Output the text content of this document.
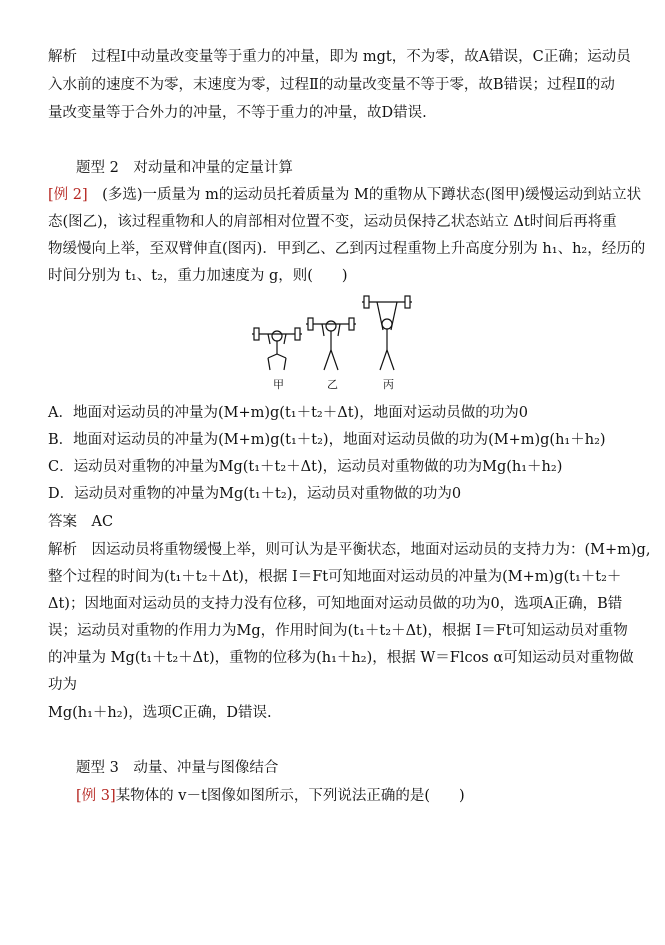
解析　过程Ⅰ中动量改变量等于重力的冲量，即为 mgt，不为零，故A错误，C正确；运动员
入水前的速度不为零，末速度为零，过程Ⅱ的动量改变量不等于零，故B错误；过程Ⅱ的动
量改变量等于合外力的冲量，不等于重力的冲量，故D错误.
题型 2　对动量和冲量的定量计算
[例 2]　(多选)一质量为 m的运动员托着质量为 M的重物从下蹲状态(图甲)缓慢运动到站立状
态(图乙)，该过程重物和人的肩部相对位置不变，运动员保持乙状态站立 Δt时间后再将重
物缓慢向上举，至双臂伸直(图丙)．甲到乙、乙到丙过程重物上升高度分别为 h₁、h₂，经历的
时间分别为 t₁、t₂，重力加速度为 g，则(　　)
甲	乙	丙
A．地面对运动员的冲量为(M+m)g(t₁＋t₂＋Δt)，地面对运动员做的功为0
B．地面对运动员的冲量为(M+m)g(t₁＋t₂)，地面对运动员做的功为(M+m)g(h₁＋h₂)
C．运动员对重物的冲量为Mg(t₁＋t₂＋Δt)，运动员对重物做的功为Mg(h₁＋h₂)
D．运动员对重物的冲量为Mg(t₁＋t₂)，运动员对重物做的功为0
答案　AC
解析　因运动员将重物缓慢上举，则可认为是平衡状态，地面对运动员的支持力为：(M+m)g,
整个过程的时间为(t₁＋t₂＋Δt)，根据 I＝Ft可知地面对运动员的冲量为(M+m)g(t₁＋t₂＋
Δt)；因地面对运动员的支持力没有位移，可知地面对运动员做的功为0，选项A正确，B错
误；运动员对重物的作用力为Mg，作用时间为(t₁＋t₂＋Δt)，根据 I＝Ft可知运动员对重物
的冲量为 Mg(t₁＋t₂＋Δt)，重物的位移为(h₁＋h₂)，根据 W＝Flcos α可知运动员对重物做
功为
Mg(h₁＋h₂)，选项C正确，D错误.
题型 3　动量、冲量与图像结合
[例 3]某物体的 v－t图像如图所示，下列说法正确的是(　　)
